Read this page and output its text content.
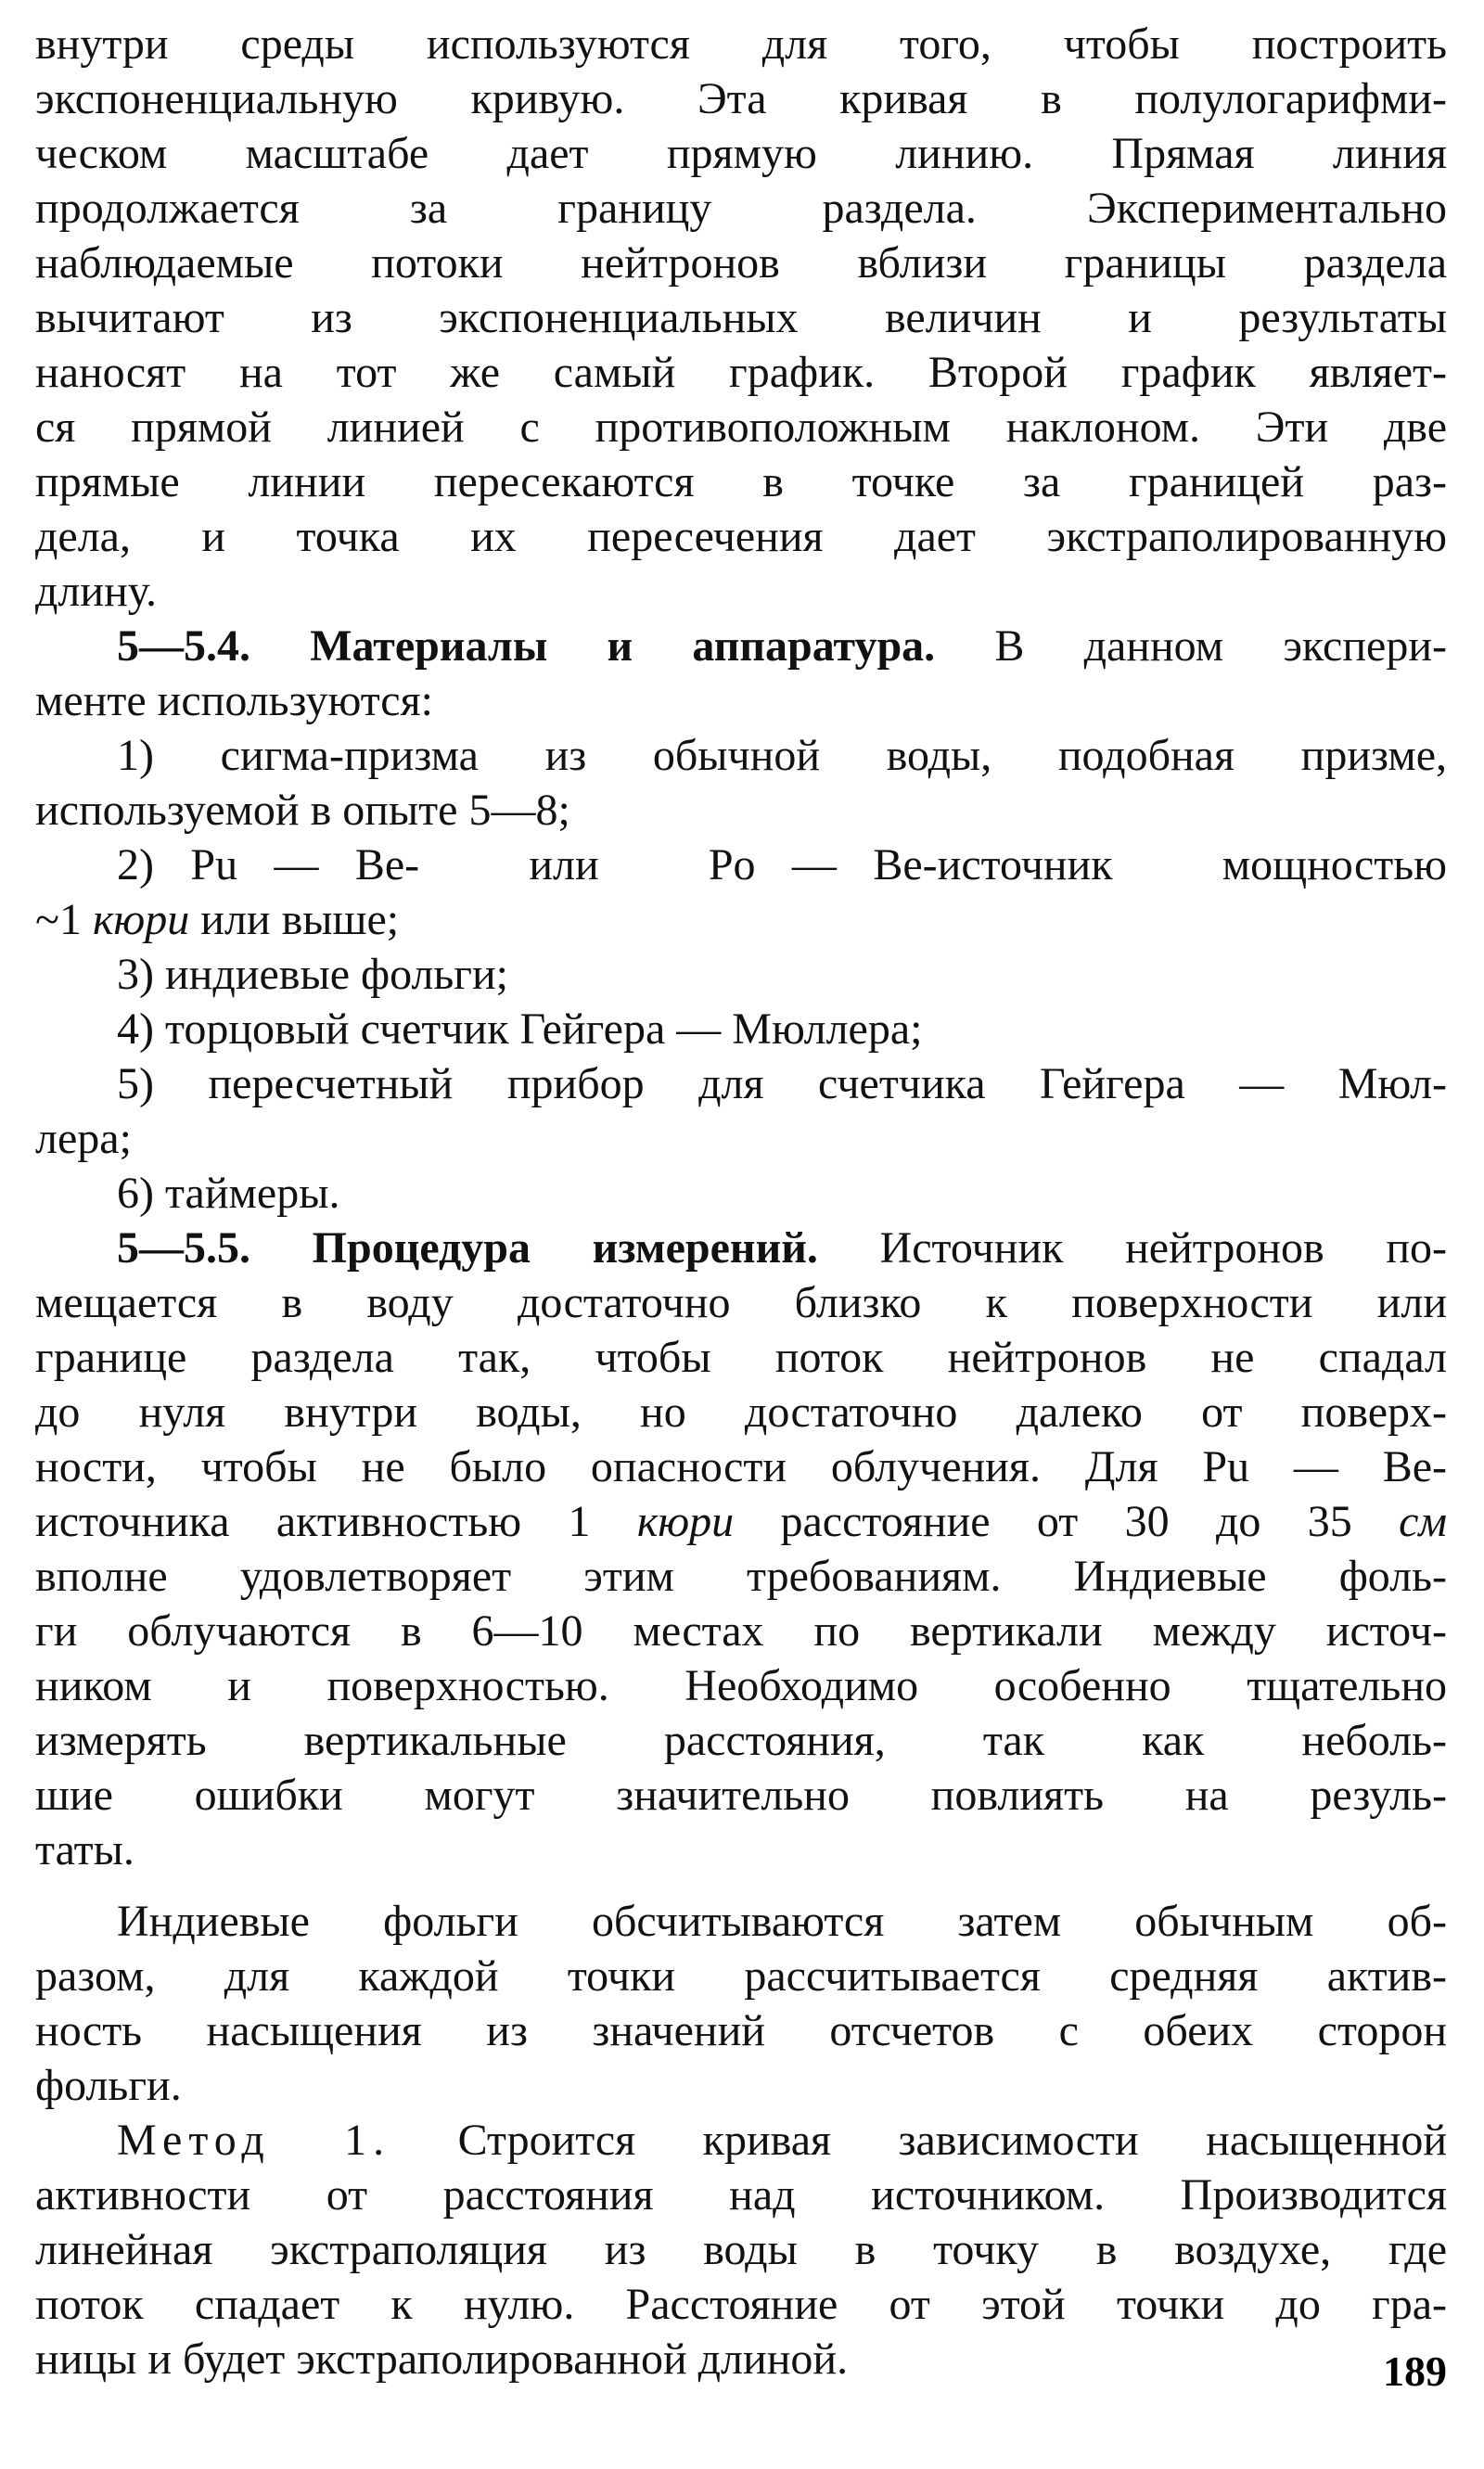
внутри среды используются для того, чтобы построить
экспоненциальную кривую. Эта кривая в полулогарифми-
ческом масштабе дает прямую линию. Прямая линия
продолжается за границу раздела. Экспериментально
наблюдаемые потоки нейтронов вблизи границы раздела
вычитают из экспоненциальных величин и результаты
наносят на тот же самый график. Второй график являет-
ся прямой линией с противоположным наклоном. Эти две
прямые линии пересекаются в точке за границей раз-
дела, и точка их пересечения дает экстраполированную
длину.
5—5.4. Материалы и аппаратура. В данном экспери-
менте используются:
1) сигма-призма из обычной воды, подобная призме,
используемой в опыте 5—8;
2) Pu — Be-   или   Po — Be-источник   мощностью
~1 кюри или выше;
3) индиевые фольги;
4) торцовый счетчик Гейгера — Мюллера;
5) пересчетный прибор для счетчика Гейгера — Мюл-
лера;
6) таймеры.
5—5.5. Процедура измерений. Источник нейтронов по-
мещается в воду достаточно близко к поверхности или
границе раздела так, чтобы поток нейтронов не спадал
до нуля внутри воды, но достаточно далеко от поверх-
ности, чтобы не было опасности облучения. Для Pu — Be-
источника активностью 1 кюри расстояние от 30 до 35 см
вполне удовлетворяет этим требованиям. Индиевые фоль-
ги облучаются в 6—10 местах по вертикали между источ-
ником и поверхностью. Необходимо особенно тщательно
измерять вертикальные расстояния, так как неболь-
шие ошибки могут значительно повлиять на резуль-
таты.
Индиевые фольги обсчитываются затем обычным об-
разом, для каждой точки рассчитывается средняя актив-
ность насыщения из значений отсчетов с обеих сторон
фольги.
Метод 1. Строится кривая зависимости насыщенной
активности от расстояния над источником. Производится
линейная экстраполяция из воды в точку в воздухе, где
поток спадает к нулю. Расстояние от этой точки до гра-
ницы и будет экстраполированной длиной.	189
